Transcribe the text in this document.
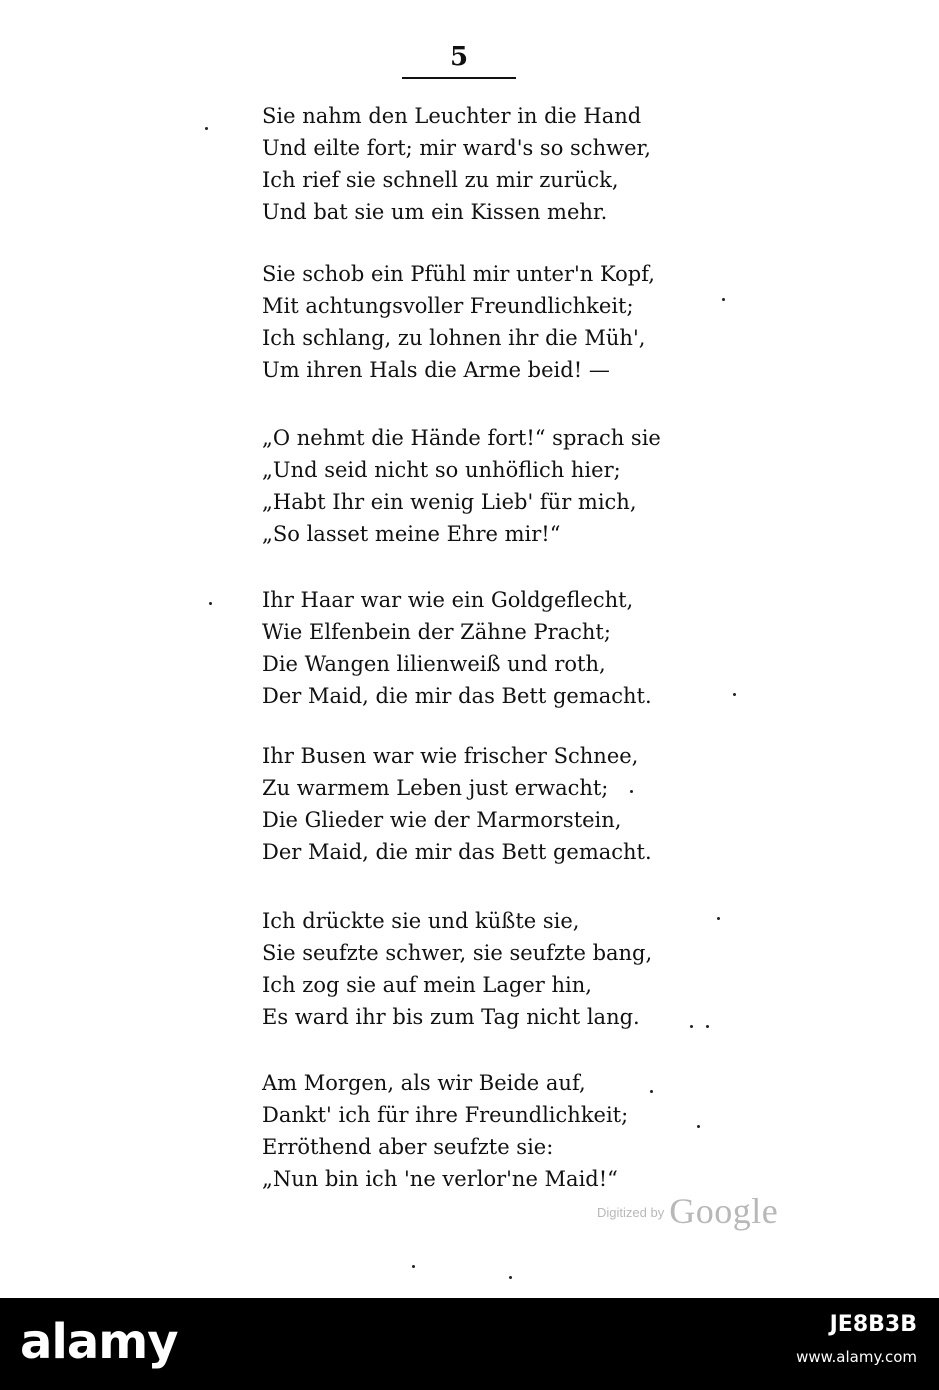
5
Sie nahm den Leuchter in die Hand
Und eilte fort; mir ward's so schwer,
Ich rief sie schnell zu mir zurück,
Und bat sie um ein Kissen mehr.
Sie schob ein Pfühl mir unter'n Kopf,
Mit achtungsvoller Freundlichkeit;
Ich schlang, zu lohnen ihr die Müh',
Um ihren Hals die Arme beid! —
„O nehmt die Hände fort!“ sprach sie
„Und seid nicht so unhöflich hier;
„Habt Ihr ein wenig Lieb' für mich,
„So lasset meine Ehre mir!“
Ihr Haar war wie ein Goldgeflecht,
Wie Elfenbein der Zähne Pracht;
Die Wangen lilienweiß und roth,
Der Maid, die mir das Bett gemacht.
Ihr Busen war wie frischer Schnee,
Zu warmem Leben just erwacht;
Die Glieder wie der Marmorstein,
Der Maid, die mir das Bett gemacht.
Ich drückte sie und küßte sie,
Sie seufzte schwer, sie seufzte bang,
Ich zog sie auf mein Lager hin,
Es ward ihr bis zum Tag nicht lang.
Am Morgen, als wir Beide auf,
Dankt' ich für ihre Freundlichkeit;
Erröthend aber seufzte sie:
„Nun bin ich 'ne verlor'ne Maid!“
$^{Digitized by}$ Google
alamy	JE8B3B
www.alamy.com
